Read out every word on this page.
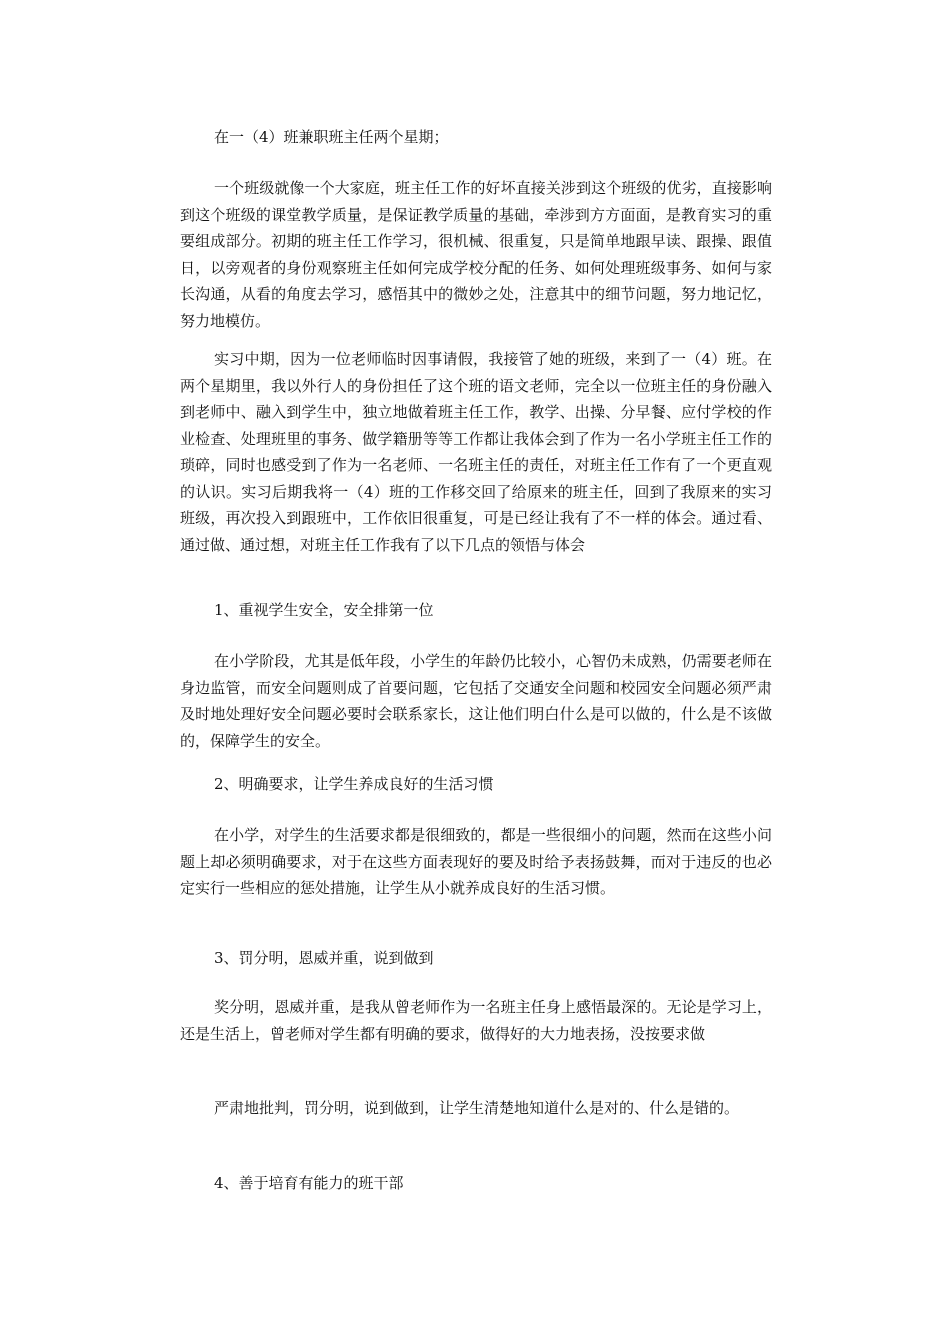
在一（4）班兼职班主任两个星期；

一个班级就像一个大家庭，班主任工作的好坏直接关涉到这个班级的优劣，直接影响到这个班级的课堂教学质量，是保证教学质量的基础，牵涉到方方面面，是教育实习的重要组成部分。初期的班主任工作学习，很机械、很重复，只是简单地跟早读、跟操、跟值日，以旁观者的身份观察班主任如何完成学校分配的任务、如何处理班级事务、如何与家长沟通，从看的角度去学习，感悟其中的微妙之处，注意其中的细节问题，努力地记忆，努力地模仿。

实习中期，因为一位老师临时因事请假，我接管了她的班级，来到了一（4）班。在两个星期里，我以外行人的身份担任了这个班的语文老师，完全以一位班主任的身份融入到老师中、融入到学生中，独立地做着班主任工作，教学、出操、分早餐、应付学校的作业检查、处理班里的事务、做学籍册等等工作都让我体会到了作为一名小学班主任工作的琐碎，同时也感受到了作为一名老师、一名班主任的责任，对班主任工作有了一个更直观的认识。实习后期我将一（4）班的工作移交回了给原来的班主任，回到了我原来的实习班级，再次投入到跟班中，工作依旧很重复，可是已经让我有了不一样的体会。通过看、通过做、通过想，对班主任工作我有了以下几点的领悟与体会

1、重视学生安全，安全排第一位

在小学阶段，尤其是低年段，小学生的年龄仍比较小，心智仍未成熟，仍需要老师在身边监管，而安全问题则成了首要问题，它包括了交通安全问题和校园安全问题必须严肃及时地处理好安全问题必要时会联系家长，这让他们明白什么是可以做的，什么是不该做的，保障学生的安全。

2、明确要求，让学生养成良好的生活习惯

在小学，对学生的生活要求都是很细致的，都是一些很细小的问题，然而在这些小问题上却必须明确要求，对于在这些方面表现好的要及时给予表扬鼓舞，而对于违反的也必定实行一些相应的惩处措施，让学生从小就养成良好的生活习惯。

3、罚分明，恩威并重，说到做到

奖分明，恩威并重，是我从曾老师作为一名班主任身上感悟最深的。无论是学习上，还是生活上，曾老师对学生都有明确的要求，做得好的大力地表扬，没按要求做

严肃地批判，罚分明，说到做到，让学生清楚地知道什么是对的、什么是错的。

4、善于培育有能力的班干部
